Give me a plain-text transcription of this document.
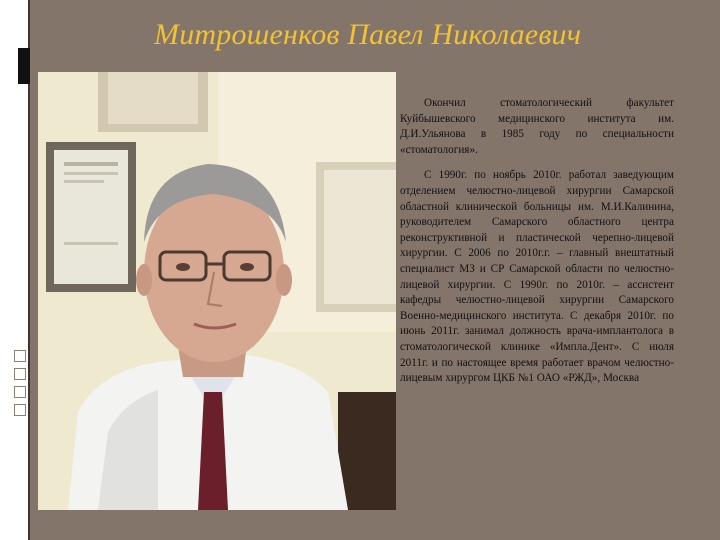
Митрошенков Павел Николаевич

Окончил стоматологический факультет Куйбышевского медицинского института им. Д.И.Ульянова в 1985 году по специальности «стоматология».

С 1990г. по ноябрь 2010г. работал заведующим отделением челюстно-лицевой хирургии Самарской областной клинической больницы им. М.И.Калинина, руководителем Самарского областного центра реконструктивной и пластической черепно-лицевой хирургии. С 2006 по 2010г.г. – главный внештатный специалист МЗ и СР Самарской области по челюстно-лицевой хирургии. С 1990г. по 2010г. – ассистент кафедры челюстно-лицевой хирургии Самарского Военно-медицинского института. С декабря 2010г. по июнь 2011г. занимал должность врача-имплантолога в стоматологической клинике «Имплa.Дент». С июля 2011г. и по настоящее время работает врачом челюстно-лицевым хирургом ЦКБ №1 ОАО «РЖД», Москва
